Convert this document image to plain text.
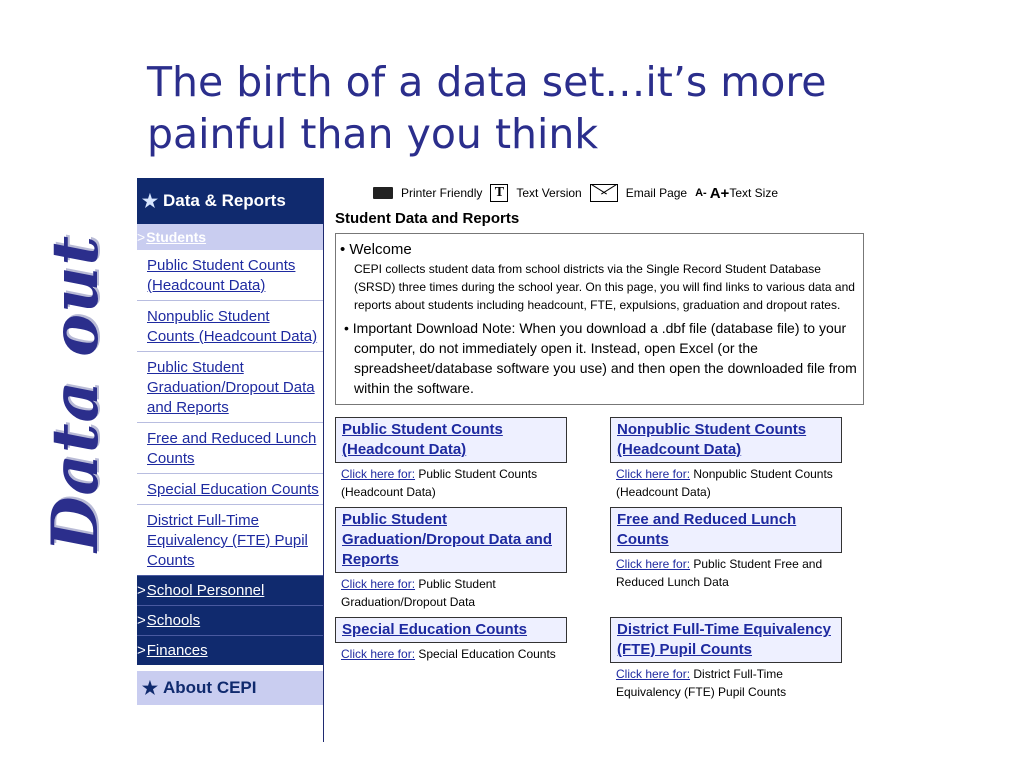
The birth of a data set…it’s more painful than you think
Data out
★ Data & Reports
> Students
Public Student Counts (Headcount Data)
Nonpublic Student Counts (Headcount Data)
Public Student Graduation/Dropout Data and Reports
Free and Reduced Lunch Counts
Special Education Counts
District Full-Time Equivalency (FTE) Pupil Counts
> School Personnel
> Schools
> Finances
★ About CEPI
Printer Friendly T	Text Version	Email Page A- A+ Text Size
Student Data and Reports
• Welcome
CEPI collects student data from school districts via the Single Record Student Database (SRSD) three times during the school year. On this page, you will find links to various data and reports about students including headcount, FTE, expulsions, graduation and dropout rates.
• Important Download Note: When you download a .dbf file (database file) to your computer, do not immediately open it. Instead, open Excel (or the spreadsheet/database software you use) and then open the downloaded file from within the software.
Public Student Counts (Headcount Data)
Click here for: Public Student Counts (Headcount Data)
Nonpublic Student Counts (Headcount Data)
Click here for: Nonpublic Student Counts (Headcount Data)
Public Student Graduation/Dropout Data and Reports
Click here for: Public Student Graduation/Dropout Data
Free and Reduced Lunch Counts
Click here for: Public Student Free and Reduced Lunch Data
Special Education Counts
Click here for: Special Education Counts
District Full-Time Equivalency (FTE) Pupil Counts
Click here for: District Full-Time Equivalency (FTE) Pupil Counts
